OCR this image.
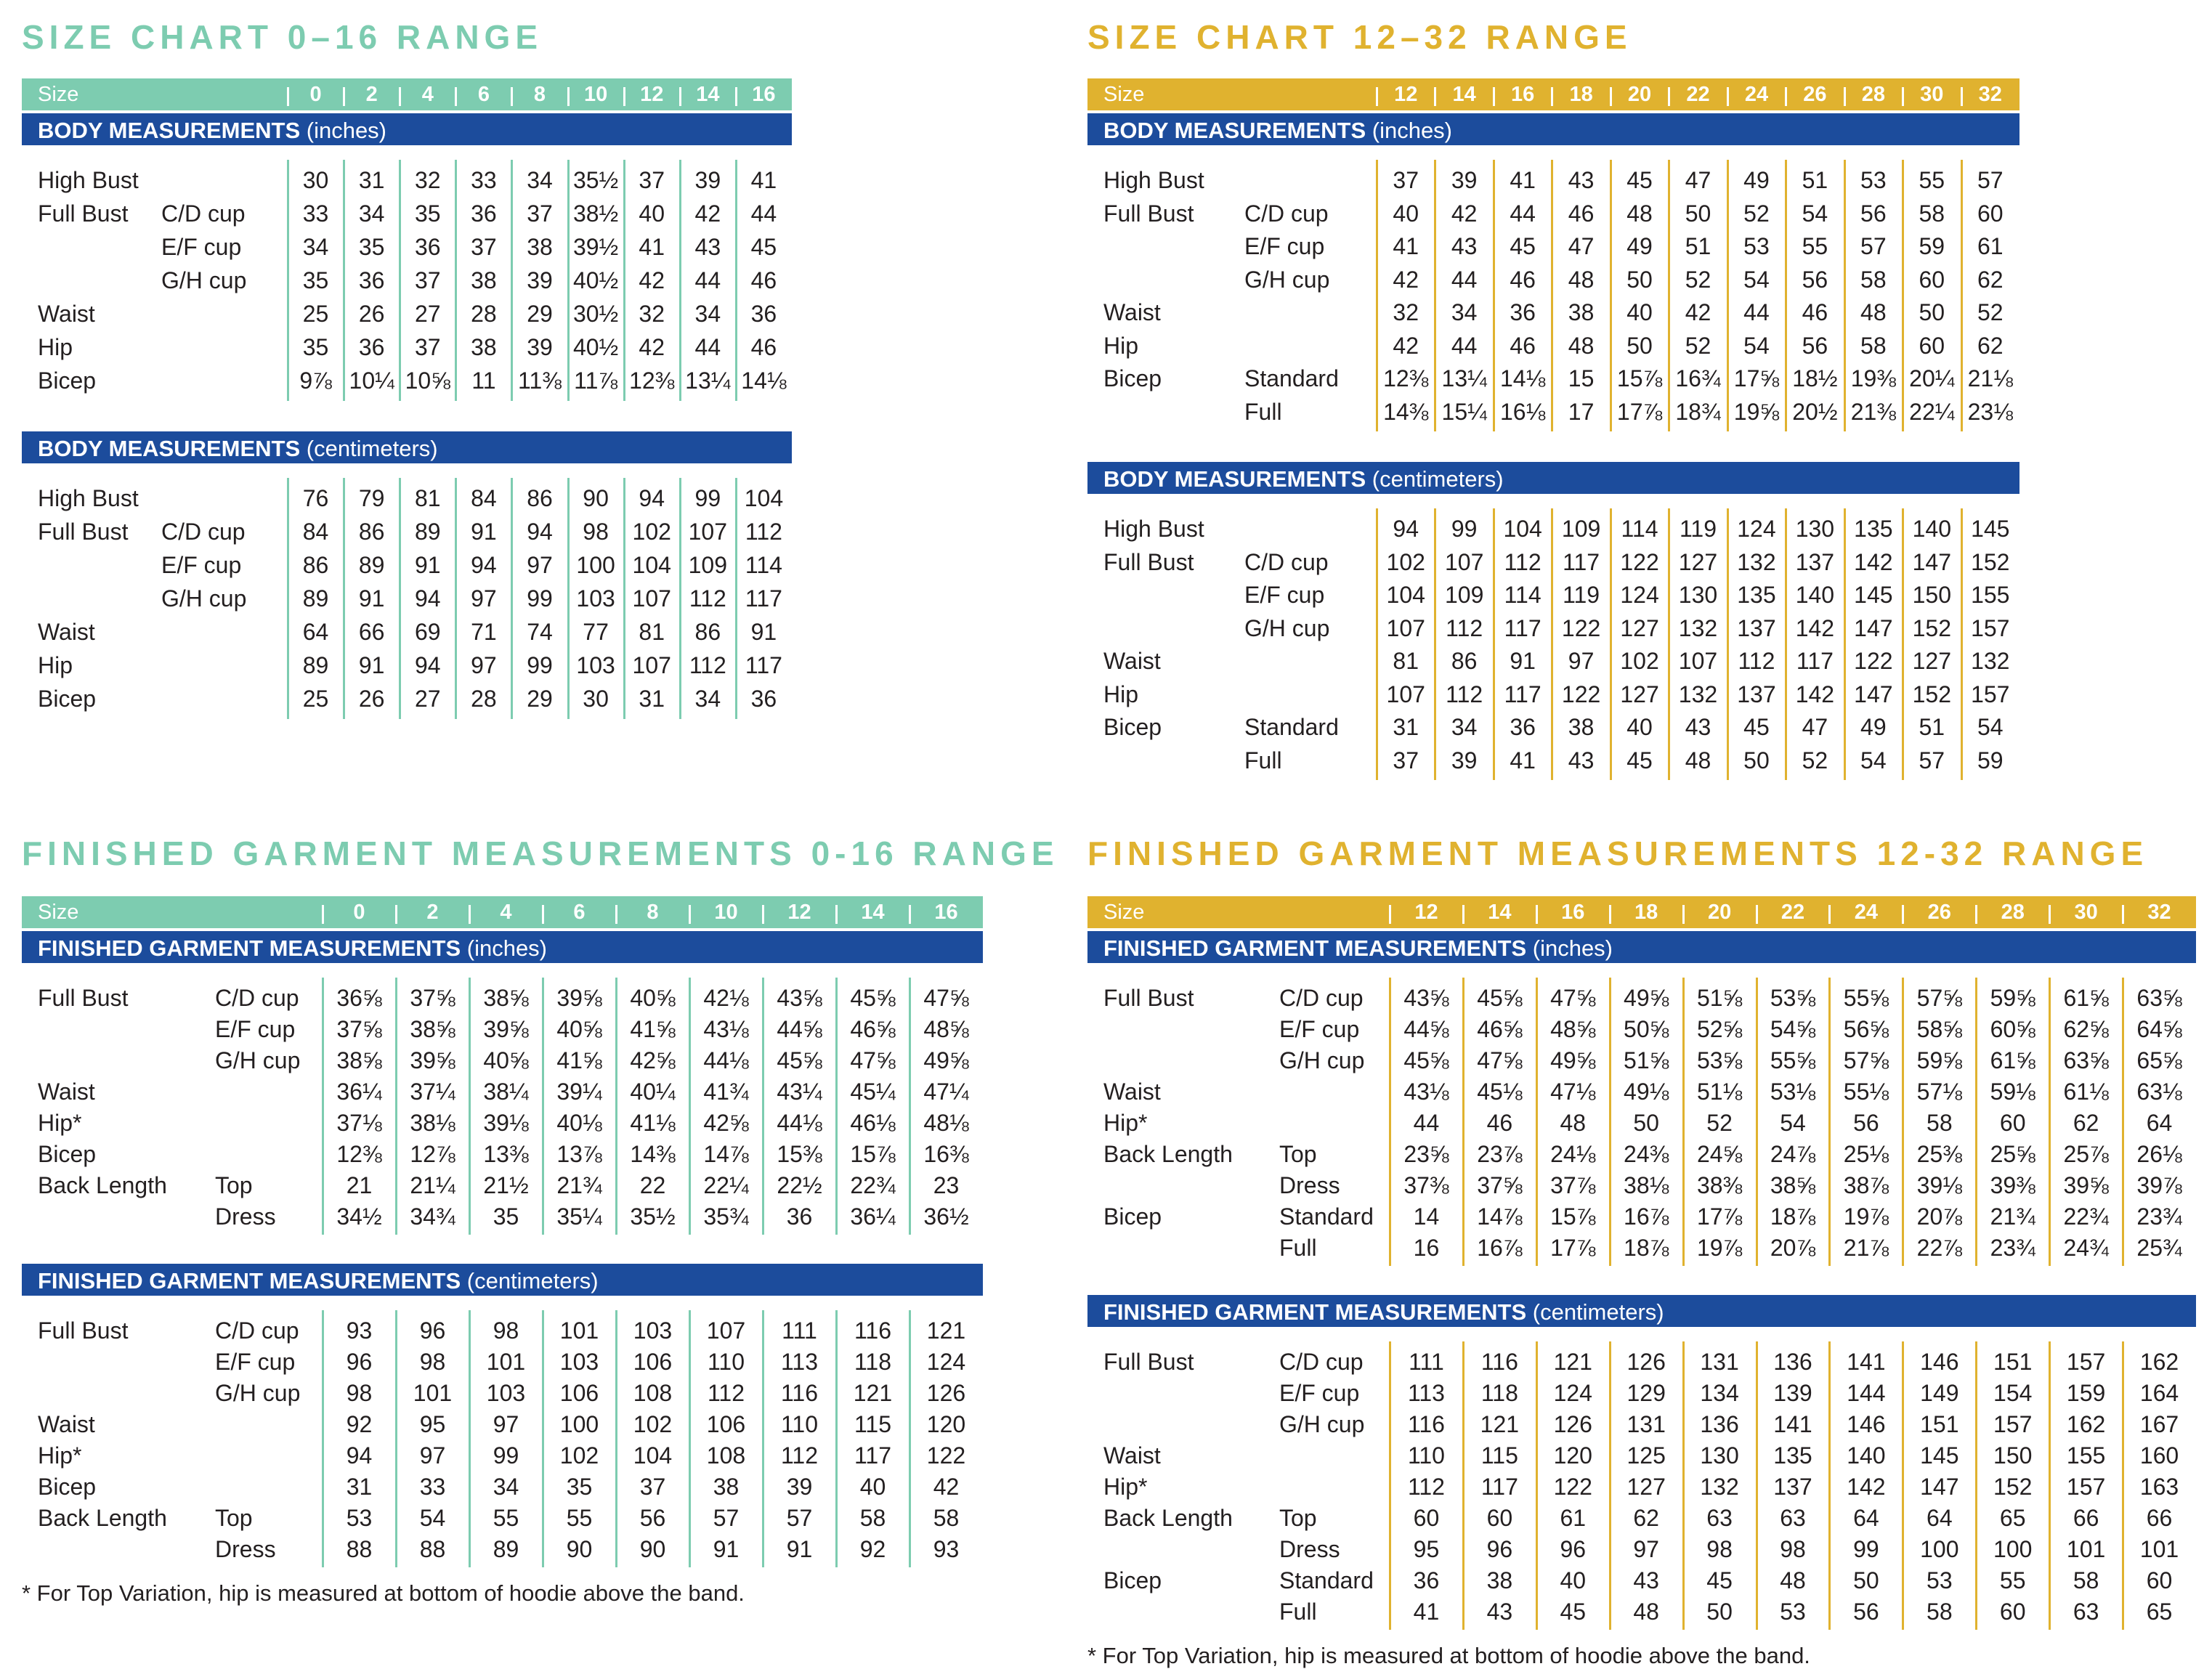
SIZE CHART 0–16 RANGE
Size	0	2	4	6	8	10	12	14	16
BODY MEASUREMENTS (inches)
High Bust	30	31	32	33	34 35½ 37	39	41
Full Bust C/D cup	33	34	35	36	37 38½ 40	42	44
E/F cup	34	35	36	37	38 39½ 41	43	45
G/H cup	35	36	37	38	39 40½ 42	44	46
Waist	25	26	27	28	29 30½ 32	34	36
Hip	35	36	37	38	39 40½ 42	44	46
Bicep	9⅞ 10¼ 10⅝ 11 11⅜ 11⅞ 12⅜ 13¼ 14⅛
BODY MEASUREMENTS (centimeters)
High Bust	76	79	81	84	86	90	94	99	104
Full Bust C/D cup	84	86	89	91	94	98	102 107 112
E/F cup	86	89	91	94	97	100 104 109 114
G/H cup	89	91	94	97	99	103 107 112 117
Waist	64	66	69	71	74	77	81	86	91
Hip	89	91	94	97	99	103 107 112 117
Bicep	25	26	27	28	29	30	31	34	36
SIZE CHART 12–32 RANGE
Size	12	14	16	18	20	22	24	26	28	30	32
BODY MEASUREMENTS (inches)
High Bust	37	39	41	43	45	47	49	51	53	55	57
Full Bust C/D cup	40	42	44	46	48	50	52	54	56	58	60
E/F cup	41	43	45	47	49	51	53	55	57	59	61
G/H cup	42	44	46	48	50	52	54	56	58	60	62
Waist	32	34	36	38	40	42	44	46	48	50	52
Hip	42	44	46	48	50	52	54	56	58	60	62
Bicep	Standard 12⅜ 13¼ 14⅛ 15 15⅞ 16¾ 17⅝ 18½ 19⅜ 20¼ 21⅛
Full	14⅜ 15¼ 16⅛ 17 17⅞ 18¾ 19⅝ 20½ 21⅜ 22¼ 23⅛
BODY MEASUREMENTS (centimeters)
High Bust	94	99	104 109 114 119 124 130 135 140 145
Full Bust C/D cup	102 107 112 117 122 127 132 137 142 147 152
E/F cup	104 109 114 119 124 130 135 140 145 150 155
G/H cup	107 112 117 122 127 132 137 142 147 152 157
Waist	81	86	91	97	102 107 112 117 122 127 132
Hip	107 112 117 122 127 132 137 142 147 152 157
Bicep	Standard	31	34	36	38	40	43	45	47	49	51	54
Full	37	39	41	43	45	48	50	52	54	57	59
FINISHED GARMENT MEASUREMENTS 0-16 RANGE
Size	0	2	4	6	8	10	12	14	16
FINISHED GARMENT MEASUREMENTS (inches)
Full Bust	C/D cup	36⅝	37⅝	38⅝	39⅝	40⅝	42⅛	43⅝	45⅝	47⅝
E/F cup	37⅝	38⅝	39⅝	40⅝	41⅝	43⅛	44⅝	46⅝	48⅝
G/H cup	38⅝	39⅝	40⅝	41⅝	42⅝	44⅛	45⅝	47⅝	49⅝
Waist	36¼	37¼	38¼	39¼	40¼	41¾	43¼	45¼	47¼
Hip*	37⅛	38⅛	39⅛	40⅛	41⅛	42⅝	44⅛	46⅛	48⅛
Bicep	12⅜	12⅞	13⅜	13⅞	14⅜	14⅞	15⅜	15⅞	16⅜
Back Length Top	21	21¼	21½	21¾	22	22¼	22½	22¾	23
Dress	34½	34¾	35	35¼	35½	35¾	36	36¼	36½
FINISHED GARMENT MEASUREMENTS (centimeters)
Full Bust	C/D cup	93	96	98	101	103	107	111	116	121
E/F cup	96	98	101	103	106	110	113	118	124
G/H cup	98	101	103	106	108	112	116	121	126
Waist	92	95	97	100	102	106	110	115	120
Hip*	94	97	99	102	104	108	112	117	122
Bicep	31	33	34	35	37	38	39	40	42
Back Length Top	53	54	55	55	56	57	57	58	58
Dress	88	88	89	90	90	91	91	92	93
* For Top Variation, hip is measured at bottom of hoodie above the band.
FINISHED GARMENT MEASUREMENTS 12-32 RANGE
Size	12	14	16	18	20	22	24	26	28	30	32
FINISHED GARMENT MEASUREMENTS (inches)
Full Bust	C/D cup	43⅝	45⅝	47⅝	49⅝	51⅝	53⅝	55⅝	57⅝	59⅝	61⅝	63⅝
E/F cup	44⅝	46⅝	48⅝	50⅝	52⅝	54⅝	56⅝	58⅝	60⅝	62⅝	64⅝
G/H cup	45⅝	47⅝	49⅝	51⅝	53⅝	55⅝	57⅝	59⅝	61⅝	63⅝	65⅝
Waist	43⅛	45⅛	47⅛	49⅛	51⅛	53⅛	55⅛	57⅛	59⅛	61⅛	63⅛
Hip*	44	46	48	50	52	54	56	58	60	62	64
Back Length Top	23⅝	23⅞	24⅛	24⅜	24⅝	24⅞	25⅛	25⅜	25⅝	25⅞	26⅛
Dress	37⅜	37⅝	37⅞	38⅛	38⅜	38⅝	38⅞	39⅛	39⅜	39⅝	39⅞
Bicep	Standard	14	14⅞	15⅞	16⅞	17⅞	18⅞	19⅞	20⅞	21¾	22¾	23¾
Full	16	16⅞	17⅞	18⅞	19⅞	20⅞	21⅞	22⅞	23¾	24¾	25¾
FINISHED GARMENT MEASUREMENTS (centimeters)
Full Bust	C/D cup	111	116	121	126	131	136	141	146	151	157	162
E/F cup	113	118	124	129	134	139	144	149	154	159	164
G/H cup	116	121	126	131	136	141	146	151	157	162	167
Waist	110	115	120	125	130	135	140	145	150	155	160
Hip*	112	117	122	127	132	137	142	147	152	157	163
Back Length Top	60	60	61	62	63	63	64	64	65	66	66
Dress	95	96	96	97	98	98	99	100	100	101	101
Bicep	Standard	36	38	40	43	45	48	50	53	55	58	60
Full	41	43	45	48	50	53	56	58	60	63	65
* For Top Variation, hip is measured at bottom of hoodie above the band.
